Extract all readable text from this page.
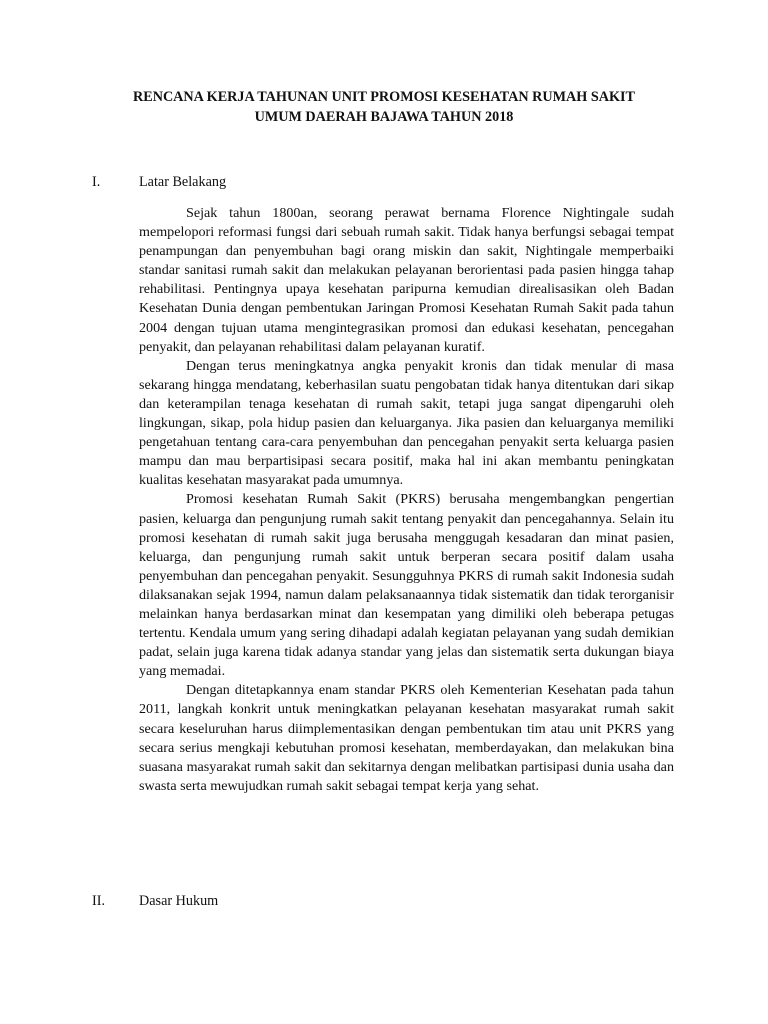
RENCANA KERJA TAHUNAN UNIT PROMOSI KESEHATAN RUMAH SAKIT
UMUM DAERAH BAJAWA TAHUN 2018
I.	Latar Belakang

Sejak tahun 1800an, seorang perawat bernama Florence Nightingale sudah mempelopori reformasi fungsi dari sebuah rumah sakit. Tidak hanya berfungsi sebagai tempat penampungan dan penyembuhan bagi orang miskin dan sakit, Nightingale memperbaiki standar sanitasi rumah sakit dan melakukan pelayanan berorientasi pada pasien hingga tahap rehabilitasi. Pentingnya upaya kesehatan paripurna kemudian direalisasikan oleh Badan Kesehatan Dunia dengan pembentukan Jaringan Promosi Kesehatan Rumah Sakit pada tahun 2004 dengan tujuan utama mengintegrasikan promosi dan edukasi kesehatan, pencegahan penyakit, dan pelayanan rehabilitasi dalam pelayanan kuratif.

Dengan terus meningkatnya angka penyakit kronis dan tidak menular di masa sekarang hingga mendatang, keberhasilan suatu pengobatan tidak hanya ditentukan dari sikap dan keterampilan tenaga kesehatan di rumah sakit, tetapi juga sangat dipengaruhi oleh lingkungan, sikap, pola hidup pasien dan keluarganya. Jika pasien dan keluarganya memiliki pengetahuan tentang cara-cara penyembuhan dan pencegahan penyakit serta keluarga pasien mampu dan mau berpartisipasi secara positif, maka hal ini akan membantu peningkatan kualitas kesehatan masyarakat pada umumnya.

Promosi kesehatan Rumah Sakit (PKRS) berusaha mengembangkan pengertian pasien, keluarga dan pengunjung rumah sakit tentang penyakit dan pencegahannya. Selain itu promosi kesehatan di rumah sakit juga berusaha menggugah kesadaran dan minat pasien, keluarga, dan pengunjung rumah sakit untuk berperan secara positif dalam usaha penyembuhan dan pencegahan penyakit. Sesungguhnya PKRS di rumah sakit Indonesia sudah dilaksanakan sejak 1994, namun dalam pelaksanaannya tidak sistematik dan tidak terorganisir melainkan hanya berdasarkan minat dan kesempatan yang dimiliki oleh beberapa petugas tertentu. Kendala umum yang sering dihadapi adalah kegiatan pelayanan yang sudah demikian padat, selain juga karena tidak adanya standar yang jelas dan sistematik serta dukungan biaya yang memadai.

Dengan ditetapkannya enam standar PKRS oleh Kementerian Kesehatan pada tahun 2011, langkah konkrit untuk meningkatkan pelayanan kesehatan masyarakat rumah sakit secara keseluruhan harus diimplementasikan dengan pembentukan tim atau unit PKRS yang secara serius mengkaji kebutuhan promosi kesehatan, memberdayakan, dan melakukan bina suasana masyarakat rumah sakit dan sekitarnya dengan melibatkan partisipasi dunia usaha dan swasta serta mewujudkan rumah sakit sebagai tempat kerja yang sehat.

II. Dasar Hukum
